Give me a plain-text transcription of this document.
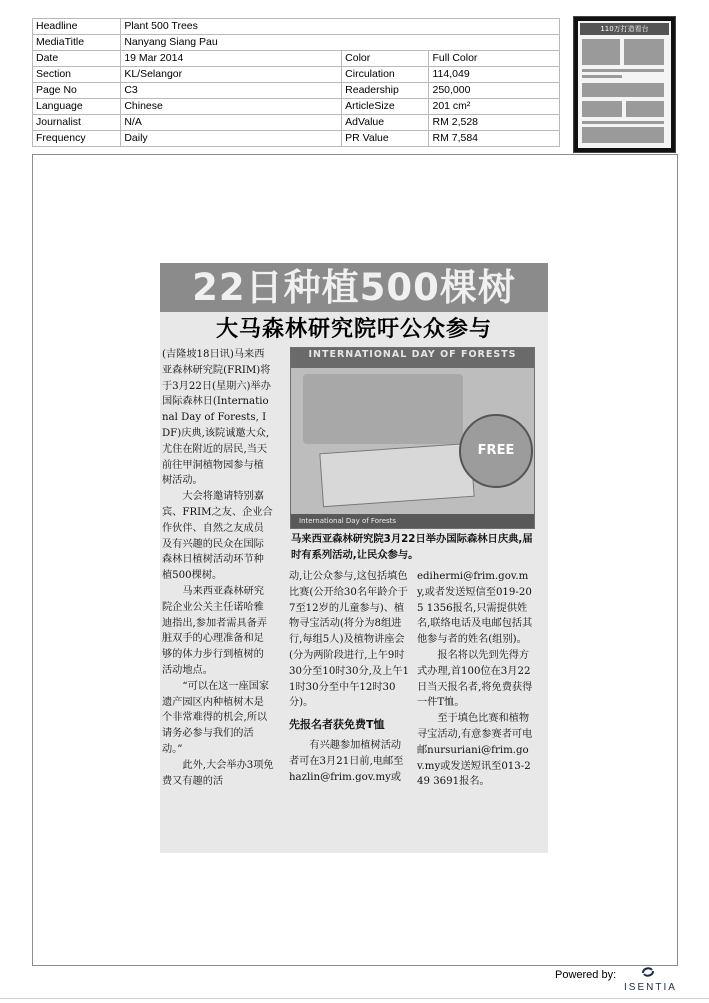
Headline	Plant 500 Trees		
MediaTitle	Nanyang Siang Pau		
Date	19 Mar 2014	Color	Full Color
Section	KL/Selangor	Circulation	114,049
Page No	C3	Readership	250,000
Language	Chinese	ArticleSize	201 cm²
Journalist	N/A	AdValue	RM 2,528
Frequency	Daily	PR Value	RM 7,584
110万打造看台
22日种植500棵树
大马森林研究院吁公众参与

(吉隆坡18日讯)马来西亚森林研究院(FRIM)将于3月22日(星期六)举办国际森林日(International Day of Forests, IDF)庆典,该院诚邀大众,尤住在附近的居民,当天前往甲洞植物园参与植树活动。

大会将邀请特别嘉宾、FRIM之友、企业合作伙伴、自然之友成员及有兴趣的民众在国际森林日植树活动环节种植500棵树。

马来西亚森林研究院企业公关主任诺哈雅迪指出,参加者需具备弄脏双手的心理准备和足够的体力步行到植树的活动地点。

“可以在这一座国家遗产园区内种植树木是个非常难得的机会,所以请务必参与我们的活动。”

此外,大会举办3项免费又有趣的活

INTERNATIONAL DAY OF FORESTS
FREE
International Day of Forests
马来西亚森林研究院3月22日举办国际森林日庆典,届时有系列活动,让民众参与。

动,让公众参与,这包括填色比赛(公开给30名年龄介于7至12岁的儿童参与)、植物寻宝活动(将分为8组进行,每组5人)及植物讲座会(分为两阶段进行,上午9时30分至10时30分,及上午11时30分至中午12时30分)。

先报名者获免费T恤

有兴趣参加植树活动者可在3月21日前,电邮至hazlin@frim.gov.my或

edihermi@frim.gov.my,或者发送短信至019-205 1356报名,只需提供姓名,联络电话及电邮包括其他参与者的姓名(组别)。

报名将以先到先得方式办理,首100位在3月22日当天报名者,将免费获得一件T恤。

至于填色比赛和植物寻宝活动,有意参赛者可电邮nursuriani@frim.gov.my或发送短讯至013-249 3691报名。

Powered by:
ISENTIA
